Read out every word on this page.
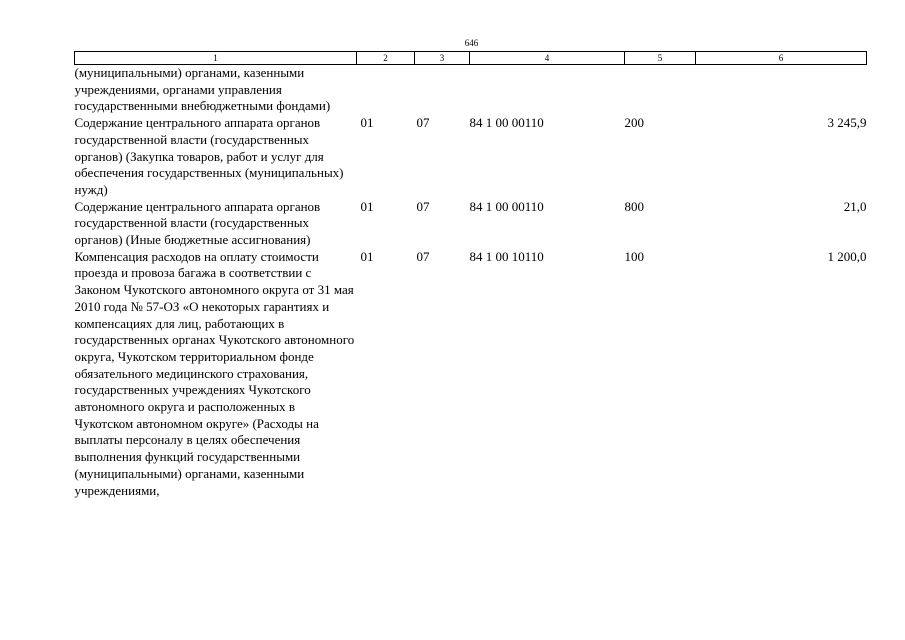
646
1	2	3	4	5	6
(муниципальными) органами, казенными учреждениями, органами управления государственными внебюджетными фондами)					
Содержание центрального аппарата органов государственной власти (государственных органов) (Закупка товаров, работ и услуг для обеспечения государственных (муниципальных) нужд)	01	07	84 1 00 00110	200	3 245,9
Содержание центрального аппарата органов государственной власти (государственных органов) (Иные бюджетные ассигнования)	01	07	84 1 00 00110	800	21,0
Компенсация расходов на оплату стоимости проезда и провоза багажа в соответствии с Законом Чукотского автономного округа от 31 мая 2010 года № 57-ОЗ «О некоторых гарантиях и компенсациях для лиц, работающих в государственных органах Чукотского автономного округа, Чукотском территориальном фонде обязательного медицинского страхования, государственных учреждениях Чукотского автономного округа и расположенных в Чукотском автономном округе» (Расходы на выплаты персоналу в целях обеспечения выполнения функций государственными (муниципальными) органами, казенными учреждениями,	01	07	84 1 00 10110	100	1 200,0
